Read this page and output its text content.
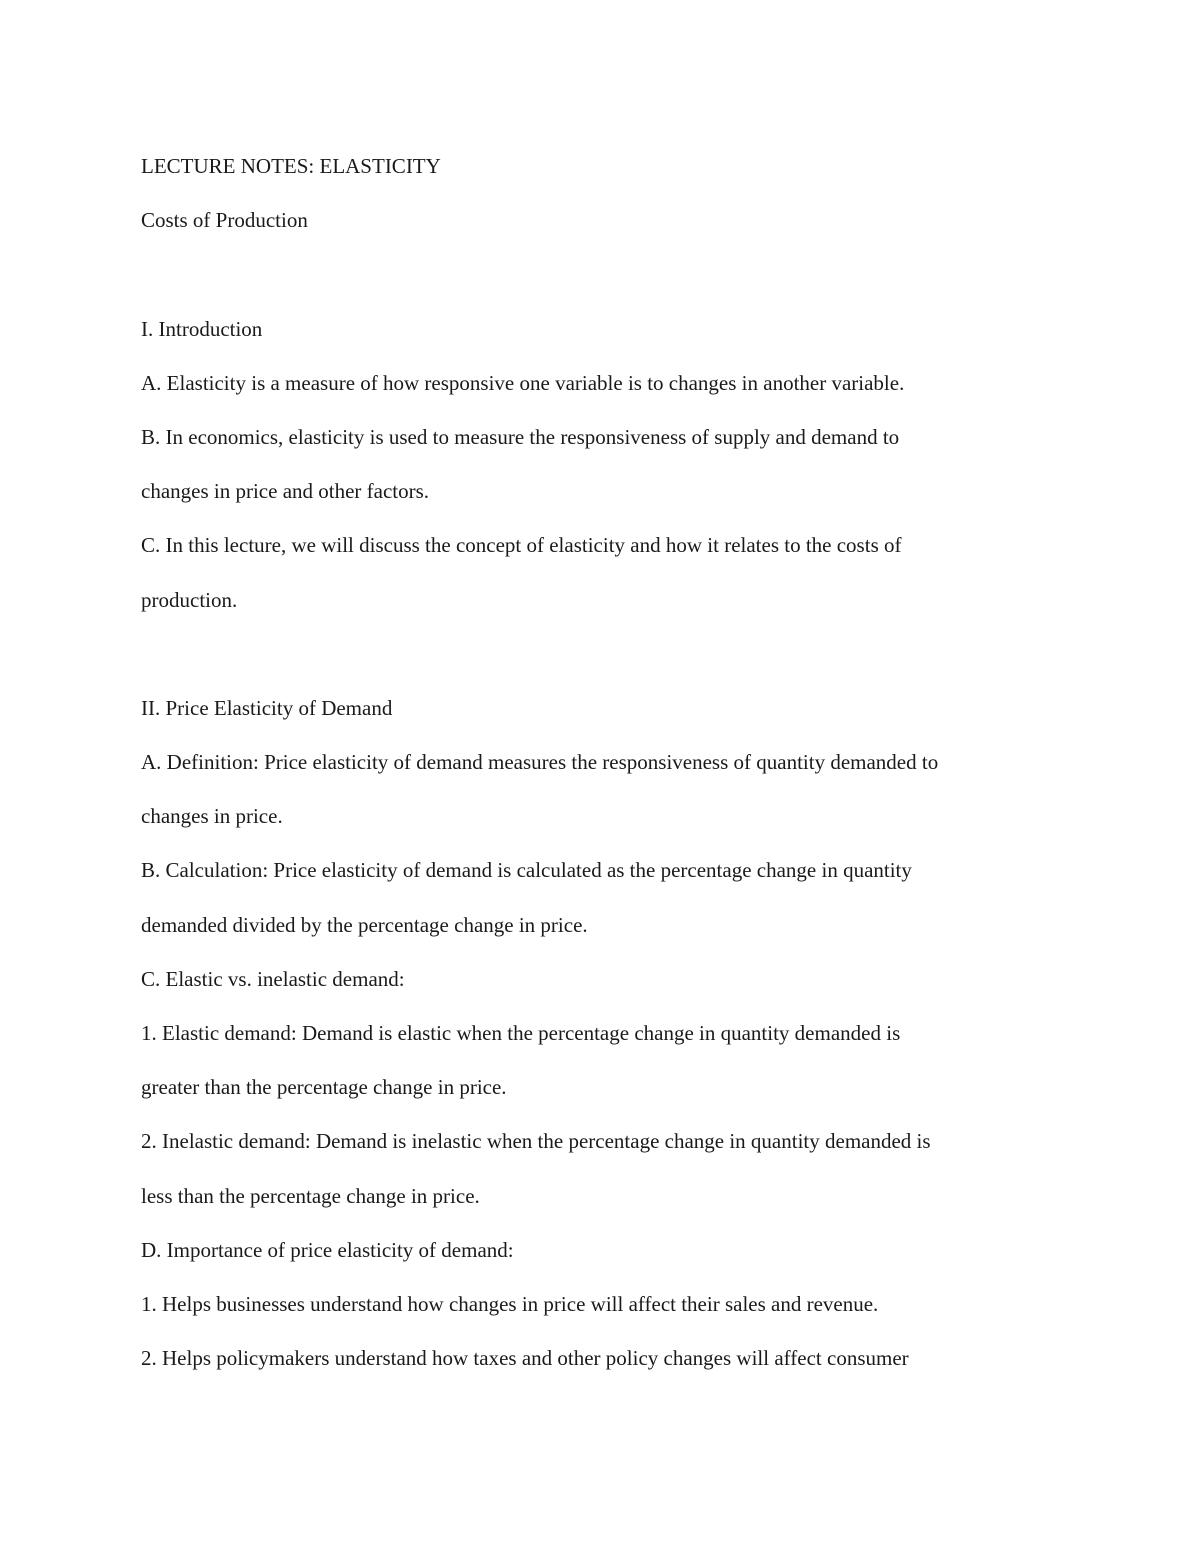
LECTURE NOTES: ELASTICITY
Costs of Production
I. Introduction
A. Elasticity is a measure of how responsive one variable is to changes in another variable.
B. In economics, elasticity is used to measure the responsiveness of supply and demand to
changes in price and other factors.
C. In this lecture, we will discuss the concept of elasticity and how it relates to the costs of
production.
II. Price Elasticity of Demand
A. Definition: Price elasticity of demand measures the responsiveness of quantity demanded to
changes in price.
B. Calculation: Price elasticity of demand is calculated as the percentage change in quantity
demanded divided by the percentage change in price.
C. Elastic vs. inelastic demand:
1. Elastic demand: Demand is elastic when the percentage change in quantity demanded is
greater than the percentage change in price.
2. Inelastic demand: Demand is inelastic when the percentage change in quantity demanded is
less than the percentage change in price.
D. Importance of price elasticity of demand:
1. Helps businesses understand how changes in price will affect their sales and revenue.
2. Helps policymakers understand how taxes and other policy changes will affect consumer
